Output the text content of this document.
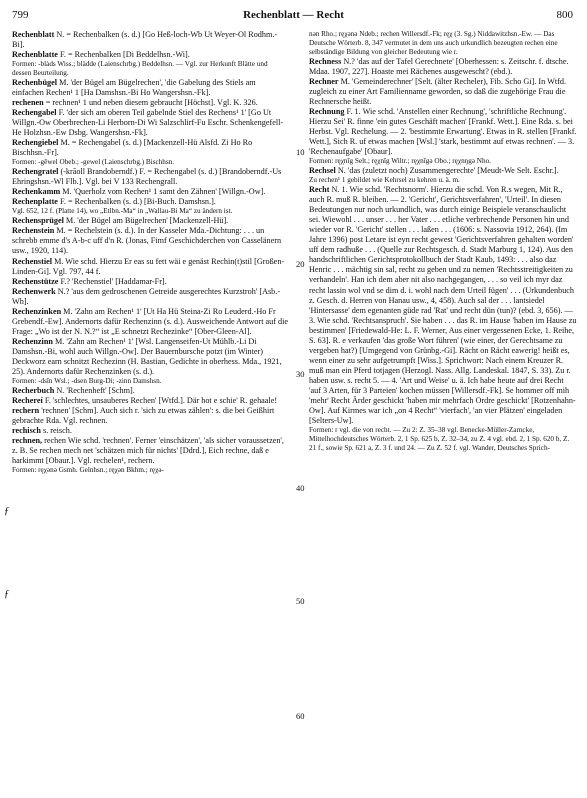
799	Rechenblatt — Recht	800
10
20
30
40
50
60
ƒ
ƒ

Rechenblatt N. = Rechenbalken (s. d.) [Go Heß-loch-Wb Ut Weyer-Ol Rodhm.-Bi].

Rechenblatte F. = Rechenbalken [Di Beddelhsn.-Wi].

Formen: -blȧds Wiss.; blädde (Laienschrbg.) Beddelhsn. — Vgl. zur Herkunft Blätte und dessen Beurteilung.

Rechenbügel M. 'der Bügel am Bügelrechen', 'die Gabelung des Stiels am einfachen Rechen¹ 1 [Ha Damshsn.-Bi Ho Wangershsn.-Fk].

rechenen = rechnen¹ 1 und neben diesem gebraucht [Höchst]. Vgl. K. 326.

Rechengabel F. 'der sich am oberen Teil gabelnde Stiel des Rechens¹ 1' [Go Ut Willgn.-Ow Oberbrechen-Li Herborn-Di Wi Salzschlirf-Fu Eschr. Schenkengefell-He Holzhsn.-Ew Dsbg. Wangershsn.-Fk].

Rechengiebel M. = Rechengabel (s. d.) [Mackenzell-Hü Alsfd. Zi Ho Ro Bischhsn.-Fr].

Formen: -gēwel Obeb.; -gewel (Laienschrbg.) Bischhsn.

Rechengratel (-krāoll Brandoberndf.) F. = Rechengabel (s. d.) [Brandoberndf.-Us Ehringshsn.-Wl Flb.]. Vgl. bei V 133 Rechengrall.

Rechenkamm M. 'Querholz vom Rechen¹ 1 samt den Zähnen' [Willgn.-Ow].

Rechenplatte F. = Rechenbalken (s. d.) [Bi-Buch. Damshsn.].

Vgl. 652, 12 f. (Platte 14), wo „Etlbn.-Ma“ in „Wallau-Bi Ma“ zu ändern ist.

Rechensprügel M. 'der Bügel am Bügelrechen' [Mackenzell-Hü].

Rechenstein M. = Rechelstein (s. d.). In der Kasseler Mda.-Dichtung: . . . un schrebb emme d's A-b-c uff d'n R. (Jonas, Fimf Geschichderchen von Casselänern usw., 1920, 114).

Rechenstiel M. Wie schd. Hierzu Er eas su fett wäi e genäst Rechin(t)stil [Großen-Linden-Gi]. Vgl. 797, 44 f.

Rechenstütze F.? 'Rechenstiel' [Haddamar-Fr].

Rechenwerk N.? 'aus dem gedroschenen Getreide ausgerechtes Kurzstroh' [Asb.-Wh].

Rechenzinken M. 'Zahn am Rechen¹ 1' [Ut Ha Hü Steina-Zi Ro Leuderd.-Ho Fr Grebendf.-Ew]. Andernorts dafür Rechenzinn (s. d.). Ausweichende Antwort auf die Frage: „Wo ist der N. N.?“ ist „E schnetzt Rechezinke“ [Ober-Gleen-Al].

Rechenzinn M. 'Zahn am Rechen¹ 1' [Wsl. Langenseifen-Ut Mühlb.-Li Di Damshsn.-Bi, wohl auch Willgn.-Ow]. Der Bauernbursche potzt (im Winter) Deckworz earn schnitzt Rechezinn (H. Bastian, Gedichte in oberhess. Mda., 1921, 25). Andernorts dafür Rechenzinken (s. d.).

Formen: -dsīn Wsl.; -dsen Burg-Di; -zinn Damshsn.

Recherbuch N. 'Rechenheft' [Schm].

Rechereí F. 'schlechtes, unsauberes Rechen' [Wtfd.]. Där hot e schie' R. gehaale!

rechern 'rechnen' [Schm]. Auch sich r. 'sich zu etwas zählen': s. die bei Geißhirt gebrachte Rda. Vgl. rechnen.

rechisch s. reisch.

rechnen, rechen Wie schd. 'rechnen'. Ferner 'einschätzen', 'als sicher voraussetzen', z. B. Se rechen mech net 'schätzen mich für nichts' [Ddrd.], Eich rechne, daß e harkimmt [Obaur.]. Vgl. rechelen¹, rechern.

Formen: ręχənə Gsmh. Gelnhsn.; ręχən Bkhm.; ręχə-

nən Rho.; ręχənə Ndeb.; rechen Willersdf.-Fk; ręχ (3. Sg.) Niddawitzhsn.-Ew. — Das Deutsche Wörterb. 8, 347 vermutet in dem uns auch urkundlich bezeugten rechen eine selbständige Bildung von gleicher Bedeutung wie r.

Rechness N.? 'das auf der Tafel Gerechnete' [Oberhessen: s. Zeitschr. f. dtsche. Mdaa. 1907, 227]. Hoaste mei Rächenes ausgewescht? (ebd.).

Rechner M. 'Gemeinderechner' [Selt. (älter Recheler), Fib. Scho Gi]. In Wtfd. zugleich zu einer Art Familienname geworden, so daß die zugehörige Frau die Rechnersche heißt.

Rechnung F. 1. Wie schd. 'Anstellen einer Rechnung', 'schriftliche Rechnung'. Hierzu Sei' R. finne 'ein gutes Geschäft machen' [Frankf. Wett.]. Eine Rda. s. bei Herbst. Vgl. Rechelung. — 2. 'bestimmte Erwartung'. Etwas in R. stellen [Frankf. Wett.], Sich R. uf etwas machen [Wsl.] 'stark, bestimmt auf etwas rechnen'. — 3. 'Rechenaufgabe' [Obaur].

Formen: ręχnīg Selt.; ręχnīg Wiltr.; ręχnīgə Obo.; ręχnŋgə Nho.

Rechsel N. 'das (zuletzt noch) Zusammengerechte' [Meudt-We Selt. Eschr.].

Zu rechen¹ 1 gebildet wie Kehrsel zu kehren u. ä. m.

Recht N. 1. Wie schd. 'Rechtsnorm'. Hierzu die schd. Von R.s wegen, Mit R., auch R. muß R. bleiben. — 2. 'Gericht', Gerichtsverfahren', 'Urteil'. In diesen Bedeutungen nur noch urkundlich, was durch einige Beispiele veranschaulicht sei. Wiewohl . . . unser . . . her Vater . . . etliche verbrechende Personen hin und wieder vor R. 'Gericht' stellen . . . laßen . . . (1606: s. Nassovia 1912, 264). (Im Jahre 1396) post Letare ist eyn recht gewest 'Gerichtsverfahren gehalten worden' uff dem radhuße . . . (Quelle zur Rechtsgesch. d. Stadt Marburg 1, 124). Aus den handschriftlichen Gerichtsprotokollbuch der Stadt Kaub, 1493: . . . also daz Henric . . . mächtig sin sal, recht zu geben und zu nemen 'Rechtsstreitigkeiten zu verhandeln'. Han ich dem aber nit also nachgegangen, . . . so veil ich myr daz recht lassin wol vnd se dim d. i. wohl nach dem Urteil fügen' . . . (Urkundenbuch z. Gesch. d. Herren von Hanau usw., 4, 458). Auch sal der . . . lantsiedel 'Hintersasse' dem egenanten güde rad 'Rat' und recht dün (tun)? (ebd. 3, 656). — 3. Wie schd. 'Rechtsanspruch'. Sie haben . . . das R. im Hause 'haben im Hause zu bestimmen' [Friedewald-He: L. F. Werner, Aus einer vergessenen Ecke, 1. Reihe, S. 63]. R. e verkaufen 'das große Wort führen' (wie einer, der Gerechtsame zu vergeben hat?) [Umgegend von Grünbg.-Gi]. Rächt on Rächt eawerig! heißt es, wenn einer zu sehr aufgetrumpft [Wiss.]. Sprichwort: Nach einem Kreuzer R. muß man ein Pferd totjagen (Herzogl. Nass. Allg. Landeskal. 1847, S. 33). Zu r. haben usw. s. recht 5. — 4. 'Art und Weise' u. ä. Ich habe heute auf drei Recht 'auf 3 Arten, für 3 Parteien' kochen müssen [Willersdf.-Fk]. Se hommer off mih 'mehr' Recht Ärder geschickt 'haben mir mehrfach Ordre geschickt' [Rotzenhahn-Ow]. Auf Kirmes war ich „on 4 Recht“ 'vierfach', 'an vier Plätzen' eingeladen [Selters-Uw].

Formen: r vgl. die von recht. — Zu 2: Z. 35–38 vgl. Benecke-Müller-Zarncke, Mittelhochdeutsches Wörterb. 2, 1 Sp. 625 b, Z. 32–34, zu Z. 4 vgl. ebd. 2, 1 Sp. 620 b, Z. 21 f., sowie Sp. 621 a, Z. 3 f. und 24. — Zu Z. 52 f. vgl. Wander, Deutsches Sprich-
